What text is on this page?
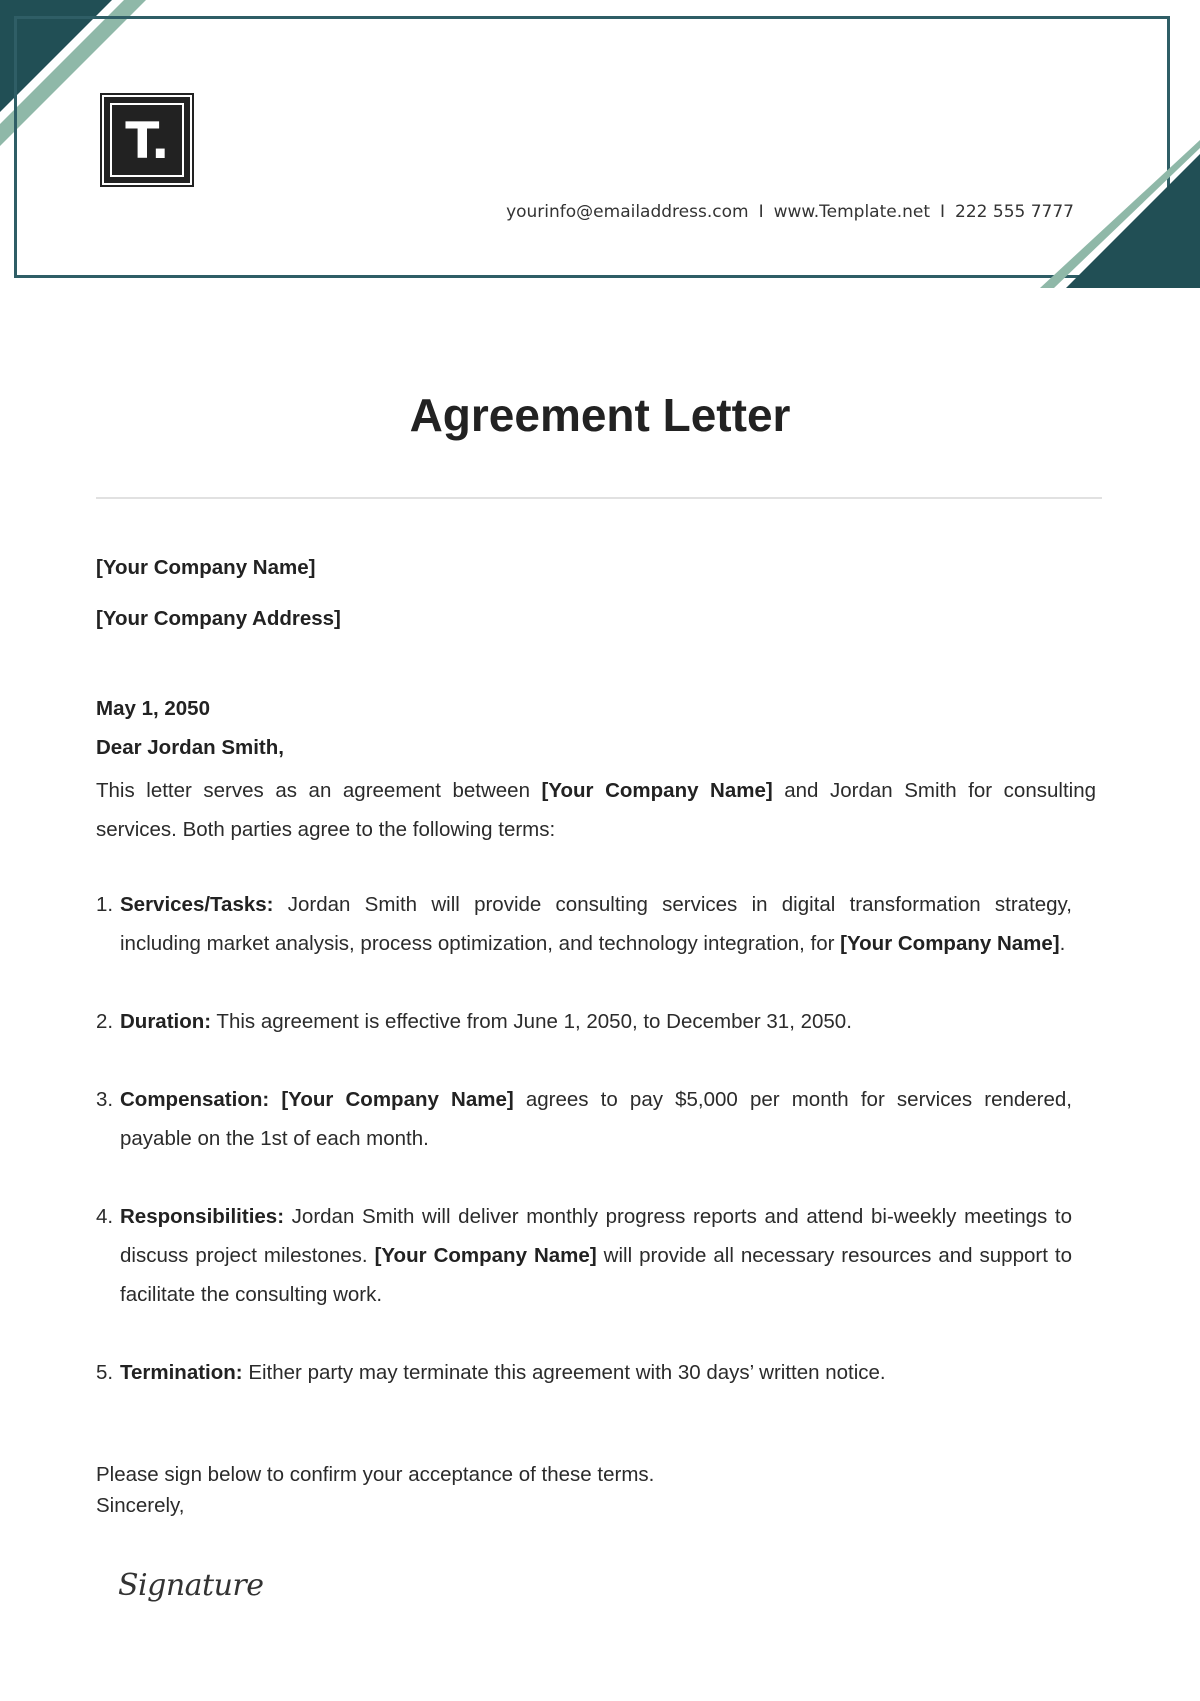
T.
yourinfo@emailaddress.com I www.Template.net I 222 555 7777
Agreement Letter
[Your Company Name]
[Your Company Address]
May 1, 2050
Dear Jordan Smith,
This letter serves as an agreement between [Your Company Name] and Jordan Smith for consulting services. Both parties agree to the following terms:
1. Services/Tasks: Jordan Smith will provide consulting services in digital transformation strategy, including market analysis, process optimization, and technology integration, for [Your Company Name].
2. Duration: This agreement is effective from June 1, 2050, to December 31, 2050.
3. Compensation: [Your Company Name] agrees to pay $5,000 per month for services rendered, payable on the 1st of each month.
4. Responsibilities: Jordan Smith will deliver monthly progress reports and attend bi-weekly meetings to discuss project milestones. [Your Company Name] will provide all necessary resources and support to facilitate the consulting work.
5. Termination: Either party may terminate this agreement with 30 days’ written notice.
Please sign below to confirm your acceptance of these terms.
Sincerely,
Signature
